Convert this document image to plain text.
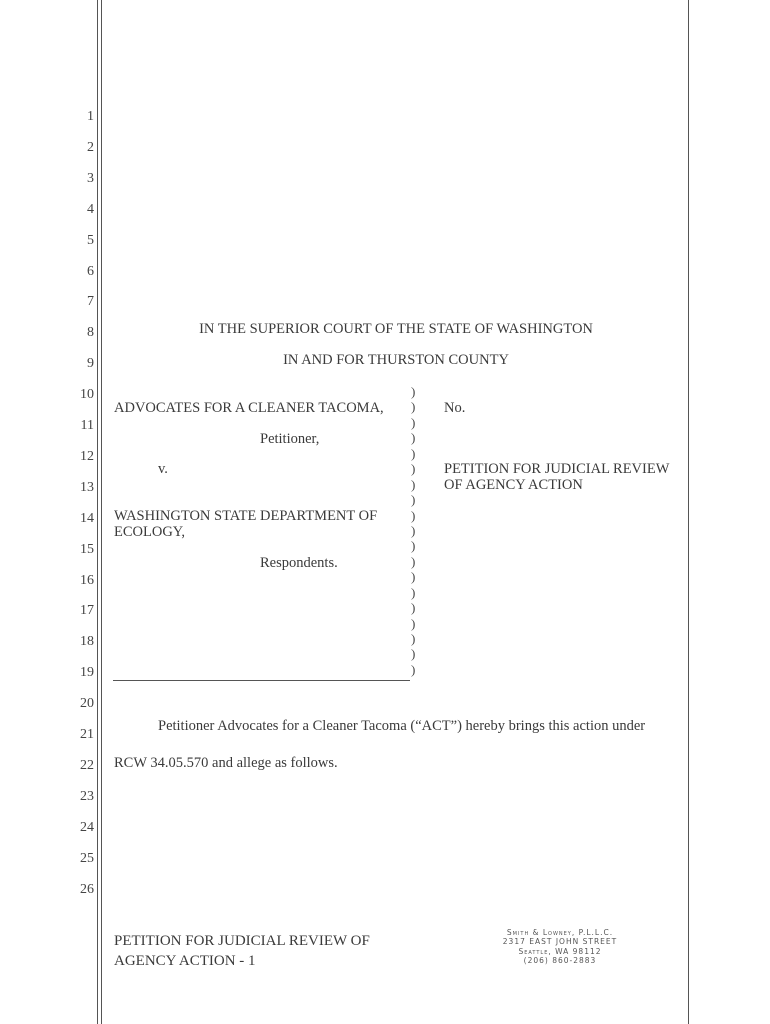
1
2
3
4
5
6
7
8
9
10
11
12
13
14
15
16
17
18
19
20
21
22
23
24
25
26
IN THE SUPERIOR COURT OF THE STATE OF WASHINGTON
IN AND FOR THURSTON COUNTY
ADVOCATES FOR A CLEANER TACOMA,
Petitioner,
v.
WASHINGTON STATE DEPARTMENT OF
ECOLOGY,
Respondents.
)
)
)
)
)
)
)
)
)
)
)
)
)
)
)
)
)
)
)
No.
PETITION FOR JUDICIAL REVIEW
OF AGENCY ACTION
Petitioner Advocates for a Cleaner Tacoma (“ACT”) hereby brings this action under
RCW 34.05.570 and allege as follows.
PETITION FOR JUDICIAL REVIEW OF
AGENCY ACTION - 1
Smith & Lowney, P.L.L.C.
2317 EAST JOHN STREET
Seattle, WA 98112
(206) 860-2883
